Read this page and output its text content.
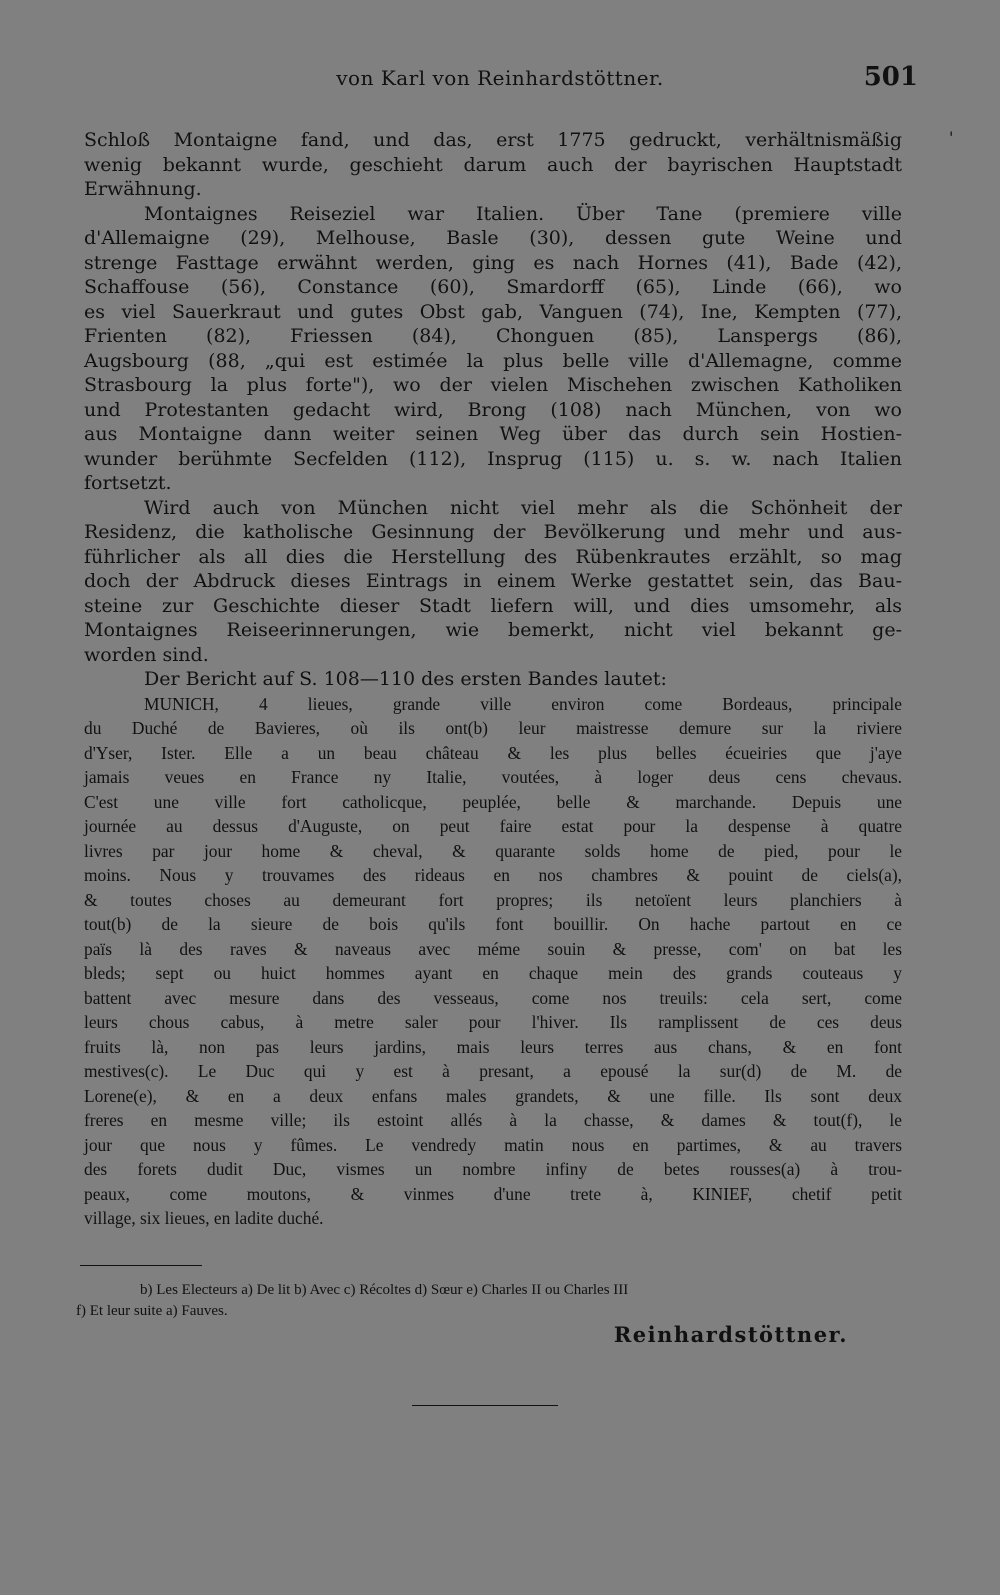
von Karl von Reinhardstöttner.	501
'
Schloß Montaigne fand, und das, erst 1775 gedruckt, verhältnismäßig
wenig bekannt wurde, geschieht darum auch der bayrischen Hauptstadt
Erwähnung.
Montaignes Reiseziel war Italien. Über Tane (premiere ville
d'Allemaigne (29), Melhouse, Basle (30), dessen gute Weine und
strenge Fasttage erwähnt werden, ging es nach Hornes (41), Bade (42),
Schaffouse (56), Constance (60), Smardorff (65), Linde (66), wo
es viel Sauerkraut und gutes Obst gab, Vanguen (74), Ine, Kempten (77),
Frienten (82), Friessen (84), Chonguen (85), Lanspergs (86),
Augsbourg (88, „qui est estimée la plus belle ville d'Allemagne, comme
Strasbourg la plus forte"), wo der vielen Mischehen zwischen Katholiken
und Protestanten gedacht wird, Brong (108) nach München, von wo
aus Montaigne dann weiter seinen Weg über das durch sein Hostien-
wunder berühmte Secfelden (112), Insprug (115) u. s. w. nach Italien
fortsetzt.
Wird auch von München nicht viel mehr als die Schönheit der
Residenz, die katholische Gesinnung der Bevölkerung und mehr und aus-
führlicher als all dies die Herstellung des Rübenkrautes erzählt, so mag
doch der Abdruck dieses Eintrags in einem Werke gestattet sein, das Bau-
steine zur Geschichte dieser Stadt liefern will, und dies umsomehr, als
Montaignes Reiseerinnerungen, wie bemerkt, nicht viel bekannt ge-
worden sind.
Der Bericht auf S. 108—110 des ersten Bandes lautet:
MUNICH, 4 lieues, grande ville environ come Bordeaus, principale
du Duché de Bavieres, où ils ont(b) leur maistresse demure sur la riviere
d'Yser, Ister. Elle a un beau château & les plus belles écueiries que j'aye
jamais veues en France ny Italie, voutées, à loger deus cens chevaus.
C'est une ville fort catholicque, peuplée, belle & marchande. Depuis une
journée au dessus d'Auguste, on peut faire estat pour la despense à quatre
livres par jour home & cheval, & quarante solds home de pied, pour le
moins. Nous y trouvames des rideaus en nos chambres & pouint de ciels(a),
& toutes choses au demeurant fort propres; ils netoïent leurs planchiers à
tout(b) de la sieure de bois qu'ils font bouillir. On hache partout en ce
païs là des raves & naveaus avec méme souin & presse, com' on bat les
bleds; sept ou huict hommes ayant en chaque mein des grands couteaus y
battent avec mesure dans des vesseaus, come nos treuils: cela sert, come
leurs chous cabus, à metre saler pour l'hiver. Ils ramplissent de ces deus
fruits là, non pas leurs jardins, mais leurs terres aus chans, & en font
mestives(c). Le Duc qui y est à presant, a epousé la sur(d) de M. de
Lorene(e), & en a deux enfans males grandets, & une fille. Ils sont deux
freres en mesme ville; ils estoint allés à la chasse, & dames & tout(f), le
jour que nous y fûmes. Le vendredy matin nous en partimes, & au travers
des forets dudit Duc, vismes un nombre infiny de betes rousses(a) à trou-
peaux, come moutons, & vinmes d'une trete à, KINIEF, chetif petit
village, six lieues, en ladite duché.
b) Les Electeurs a) De lit b) Avec c) Récoltes d) Sœur e) Charles II ou Charles III
f) Et leur suite a) Fauves.
Reinhardstöttner.
